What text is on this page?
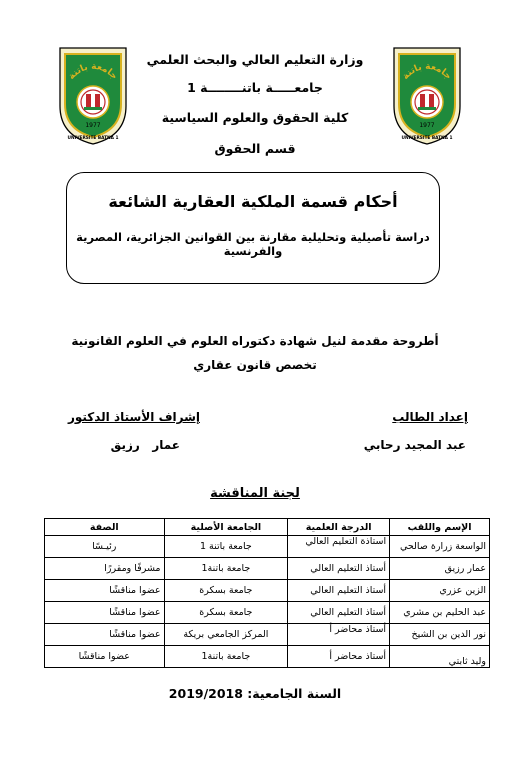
جامعة باتنة
1977
UNIVERSITE BATNA 1
جامعة باتنة
1977
UNIVERSITE BATNA 1
وزارة التعليم العالي والبحث العلمي
جامعـــــة باتنــــــــة 1
كلية الحقوق والعلوم السياسية
قسم الحقوق
أحكام قسمة الملكية العقارية الشائعة
دراسة تأصيلية وتحليلية مقارنة بين القوانين الجزائرية، المصرية والفرنسية
أطروحة مقدمة لنيل شهادة دكتوراه العلوم في العلوم القانونية
تخصص قانون عقاري
إعداد الطالب
عبد المجيد رحابي
إشراف الأستاذ الدكتور
عمار   رزيق
لجنة المناقشة
الإسم واللقب	الدرجة العلمية	الجامعة الأصلية	الصفة
الواسعة زرارة صالحي	استاذة التعليم العالي	جامعة باتنة 1	رئيـسًا
عمار رزيق	أستاذ التعليم العالي	جامعة باتنة1	مشرفًا ومقررًا
الزين عزري	أستاذ التعليم العالي	جامعة بسكرة	عضوا مناقشًا
عبد الحليم بن مشري	أستاذ التعليم العالي	جامعة بسكرة	عضوا مناقشًا
نور الدين بن الشيخ	أستاذ محاضر أ	المركز الجامعي بريكة	عضوا مناقشًا
وليد ثابتي	أستاذ محاضر أ	جامعة باتنة1	عضوا مناقشًا
السنة الجامعية: 2019/2018
